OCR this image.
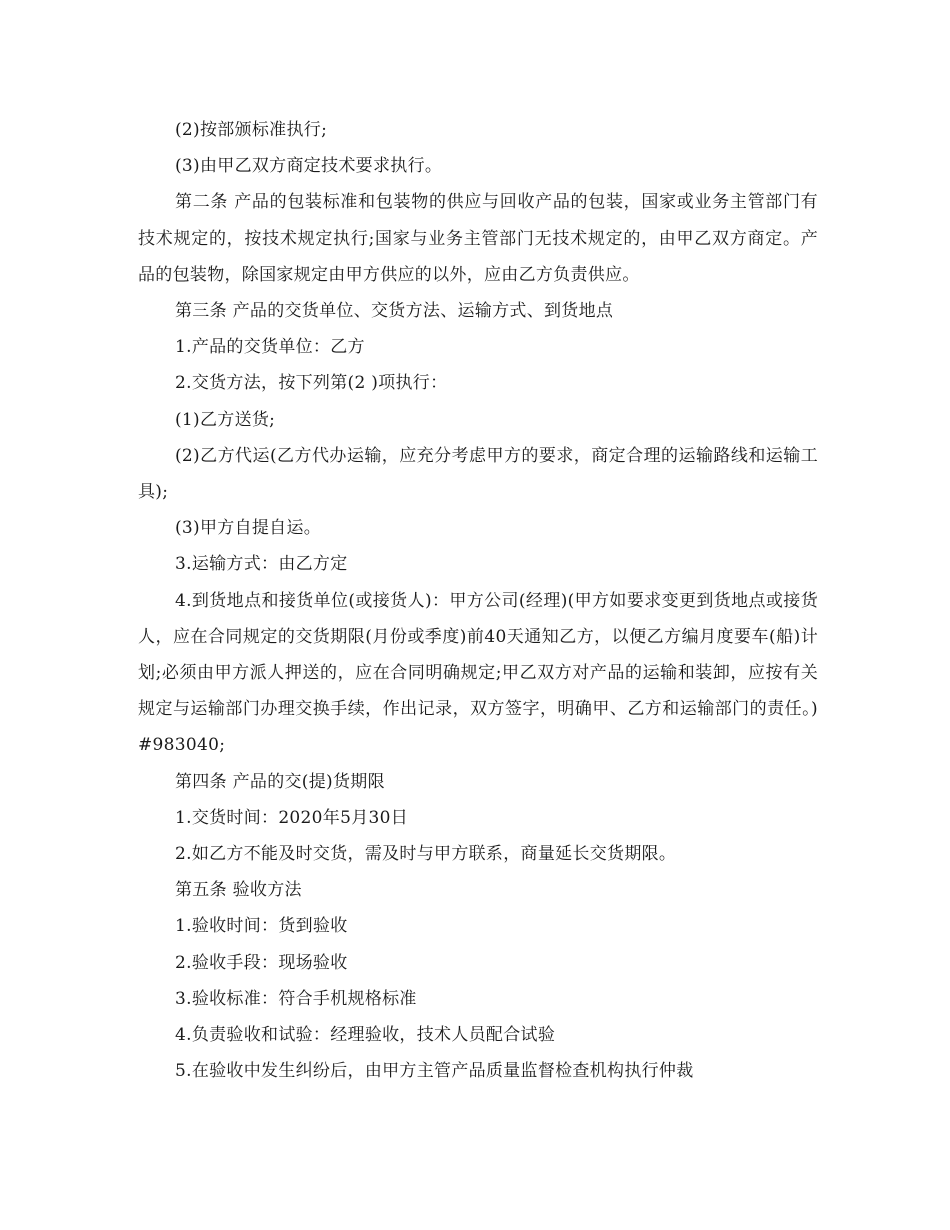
(2)按部颁标准执行;

(3)由甲乙双方商定技术要求执行。

第二条 产品的包装标准和包装物的供应与回收产品的包装，国家或业务主管部门有技术规定的，按技术规定执行;国家与业务主管部门无技术规定的，由甲乙双方商定。产品的包装物，除国家规定由甲方供应的以外，应由乙方负责供应。

第三条 产品的交货单位、交货方法、运输方式、到货地点

1.产品的交货单位：乙方

2.交货方法，按下列第(2 )项执行：

(1)乙方送货;

(2)乙方代运(乙方代办运输，应充分考虑甲方的要求，商定合理的运输路线和运输工具);

(3)甲方自提自运。

3.运输方式：由乙方定

4.到货地点和接货单位(或接货人)：甲方公司(经理)(甲方如要求变更到货地点或接货人，应在合同规定的交货期限(月份或季度)前40天通知乙方，以便乙方编月度要车(船)计划;必须由甲方派人押送的，应在合同明确规定;甲乙双方对产品的运输和装卸，应按有关规定与运输部门办理交换手续，作出记录，双方签字，明确甲、乙方和运输部门的责任。) #983040;

第四条 产品的交(提)货期限

1.交货时间：2020年5月30日

2.如乙方不能及时交货，需及时与甲方联系，商量延长交货期限。

第五条 验收方法

1.验收时间：货到验收

2.验收手段：现场验收

3.验收标准：符合手机规格标准

4.负责验收和试验：经理验收，技术人员配合试验

5.在验收中发生纠纷后，由甲方主管产品质量监督检查机构执行仲裁
